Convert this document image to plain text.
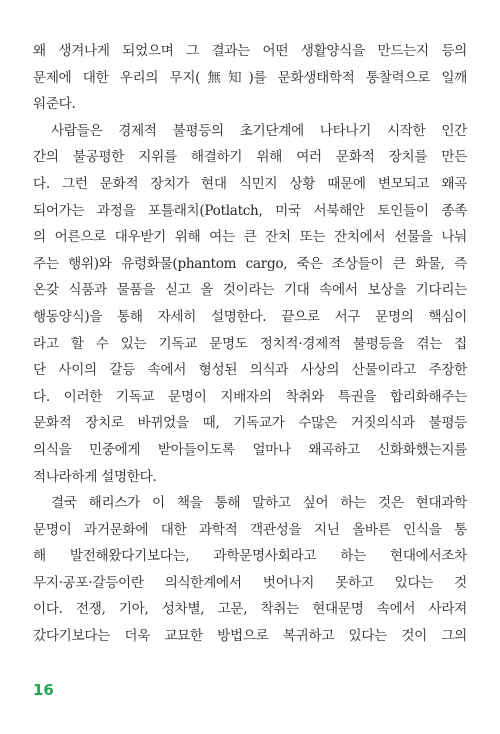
왜 생겨나게 되었으며 그 결과는 어떤 생활양식을 만드는지 등의
문제에 대한 우리의 무지(無知)를 문화생태학적 통찰력으로 일깨
워준다.
사람들은 경제적 불평등의 초기단계에 나타나기 시작한 인간
간의 불공평한 지위를 해결하기 위해 여러 문화적 장치를 만든
다. 그런 문화적 장치가 현대 식민지 상황 때문에 변모되고 왜곡
되어가는 과정을 포틀래치(Potlatch, 미국 서북해안 토인들이 종족
의 어른으로 대우받기 위해 여는 큰 잔치 또는 잔치에서 선물을 나눠
주는 행위)와 유령화물(phantom cargo, 죽은 조상들이 큰 화물, 즉
온갖 식품과 물품을 싣고 올 것이라는 기대 속에서 보상을 기다리는
행동양식)을 통해 자세히 설명한다. 끝으로 서구 문명의 핵심이
라고 할 수 있는 기독교 문명도 정치적·경제적 불평등을 겪는 집
단 사이의 갈등 속에서 형성된 의식과 사상의 산물이라고 주장한
다. 이러한 기독교 문명이 지배자의 착취와 특권을 합리화해주는
문화적 장치로 바뀌었을 때, 기독교가 수많은 거짓의식과 불평등
의식을 민중에게 받아들이도록 얼마나 왜곡하고 신화화했는지를
적나라하게 설명한다.
결국 해리스가 이 책을 통해 말하고 싶어 하는 것은 현대과학
문명이 과거문화에 대한 과학적 객관성을 지닌 올바른 인식을 통
해 발전해왔다기보다는, 과학문명사회라고 하는 현대에서조차
무지·공포·갈등이란 의식한계에서 벗어나지 못하고 있다는 것
이다. 전쟁, 기아, 성차별, 고문, 착취는 현대문명 속에서 사라져
갔다기보다는 더욱 교묘한 방법으로 복귀하고 있다는 것이 그의
16
